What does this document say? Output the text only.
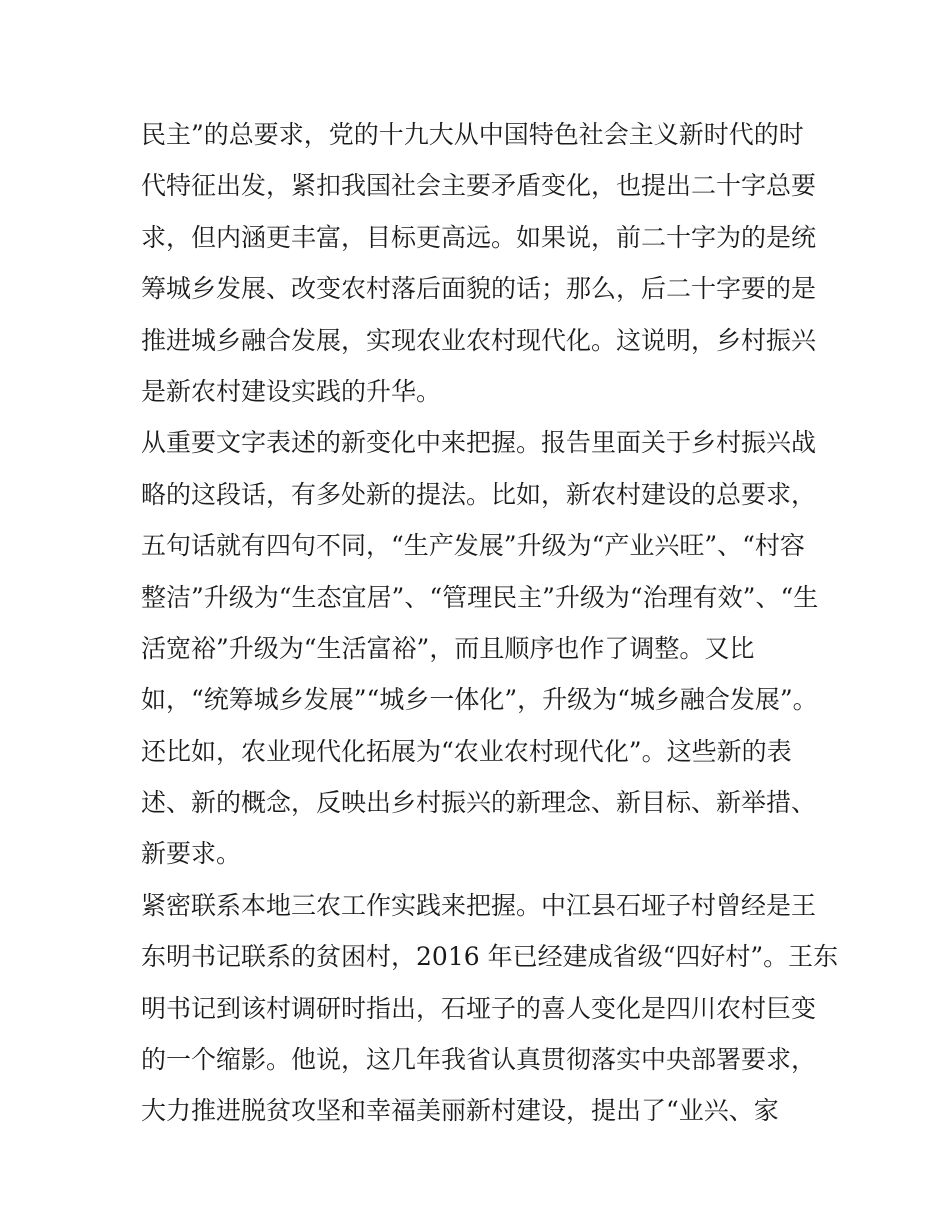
民主”的总要求，党的十九大从中国特色社会主义新时代的时
代特征出发，紧扣我国社会主要矛盾变化，也提出二十字总要
求，但内涵更丰富，目标更高远。如果说，前二十字为的是统
筹城乡发展、改变农村落后面貌的话；那么，后二十字要的是
推进城乡融合发展，实现农业农村现代化。这说明，乡村振兴
是新农村建设实践的升华。
从重要文字表述的新变化中来把握。报告里面关于乡村振兴战
略的这段话，有多处新的提法。比如，新农村建设的总要求，
五句话就有四句不同，“生产发展”升级为“产业兴旺”、“村容
整洁”升级为“生态宜居”、“管理民主”升级为“治理有效”、“生
活宽裕”升级为“生活富裕”，而且顺序也作了调整。又比
如，“统筹城乡发展”“城乡一体化”，升级为“城乡融合发展”。
还比如，农业现代化拓展为“农业农村现代化”。这些新的表
述、新的概念，反映出乡村振兴的新理念、新目标、新举措、
新要求。
紧密联系本地三农工作实践来把握。中江县石垭子村曾经是王
东明书记联系的贫困村，2016 年已经建成省级“四好村”。王东
明书记到该村调研时指出，石垭子的喜人变化是四川农村巨变
的一个缩影。他说，这几年我省认真贯彻落实中央部署要求，
大力推进脱贫攻坚和幸福美丽新村建设，提出了“业兴、家
